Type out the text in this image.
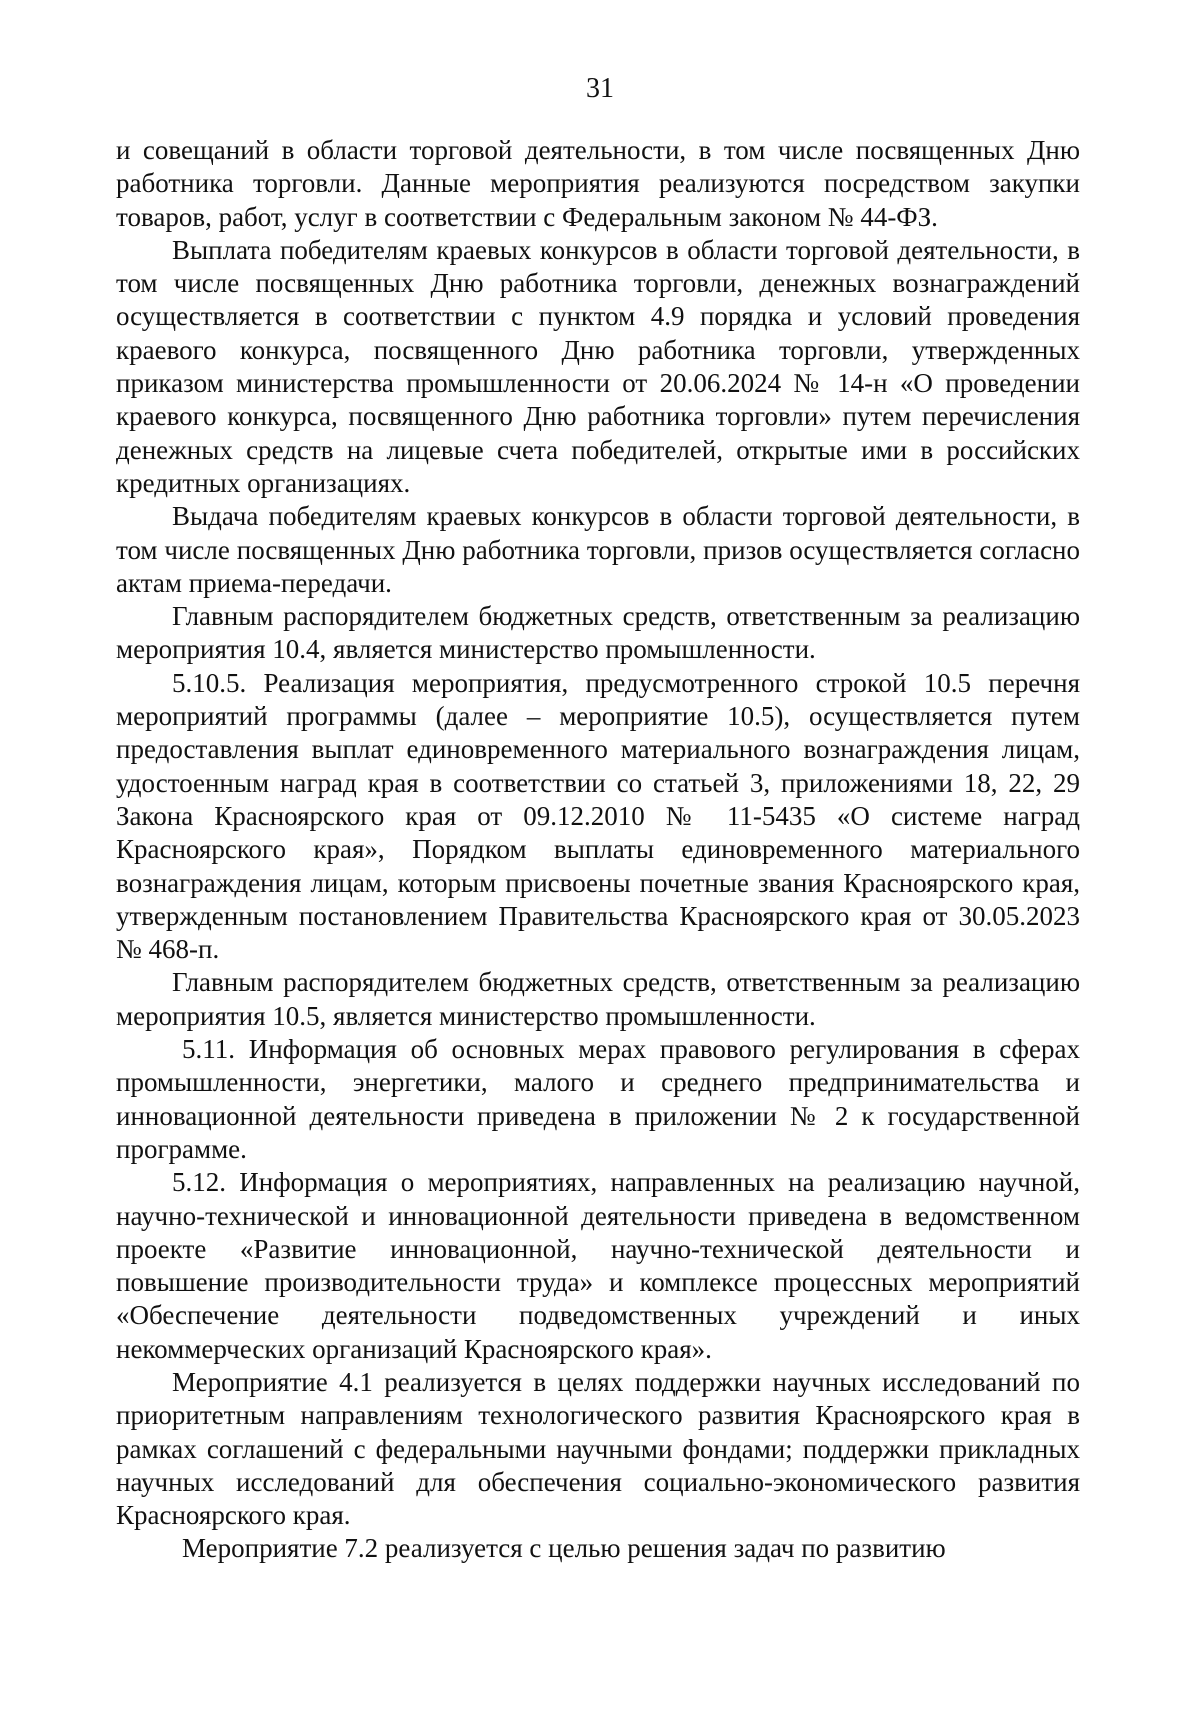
31

и совещаний в области торговой деятельности, в том числе посвященных Дню работника торговли. Данные мероприятия реализуются посредством закупки товаров, работ, услуг в соответствии с Федеральным законом № 44-ФЗ.

Выплата победителям краевых конкурсов в области торговой деятельности, в том числе посвященных Дню работника торговли, денежных вознаграждений осуществляется в соответствии с пунктом 4.9 порядка и условий проведения краевого конкурса, посвященного Дню работника торговли, утвержденных приказом министерства промышленности от 20.06.2024 № 14-н «О проведении краевого конкурса, посвященного Дню работника торговли» путем перечисления денежных средств на лицевые счета победителей, открытые ими в российских кредитных организациях.

Выдача победителям краевых конкурсов в области торговой деятельности, в том числе посвященных Дню работника торговли, призов осуществляется согласно актам приема-передачи.

Главным распорядителем бюджетных средств, ответственным за реализацию мероприятия 10.4, является министерство промышленности.

5.10.5. Реализация мероприятия, предусмотренного строкой 10.5 перечня мероприятий программы (далее – мероприятие 10.5), осуществляется путем предоставления выплат единовременного материального вознаграждения лицам, удостоенным наград края в соответствии со статьей 3, приложениями 18, 22, 29 Закона Красноярского края от 09.12.2010 № 11-5435 «О системе наград Красноярского края», Порядком выплаты единовременного материального вознаграждения лицам, которым присвоены почетные звания Красноярского края, утвержденным постановлением Правительства Красноярского края от 30.05.2023 № 468-п.

Главным распорядителем бюджетных средств, ответственным за реализацию мероприятия 10.5, является министерство промышленности.

5.11. Информация об основных мерах правового регулирования в сферах промышленности, энергетики, малого и среднего предпринимательства и инновационной деятельности приведена в приложении № 2 к государственной программе.

5.12. Информация о мероприятиях, направленных на реализацию научной, научно-технической и инновационной деятельности приведена в ведомственном проекте «Развитие инновационной, научно-технической деятельности и повышение производительности труда» и комплексе процессных мероприятий «Обеспечение деятельности подведомственных учреждений и иных некоммерческих организаций Красноярского края».

Мероприятие 4.1 реализуется в целях поддержки научных исследований по приоритетным направлениям технологического развития Красноярского края в рамках соглашений с федеральными научными фондами; поддержки прикладных научных исследований для обеспечения социально-экономического развития Красноярского края.

Мероприятие 7.2 реализуется с целью решения задач по развитию
